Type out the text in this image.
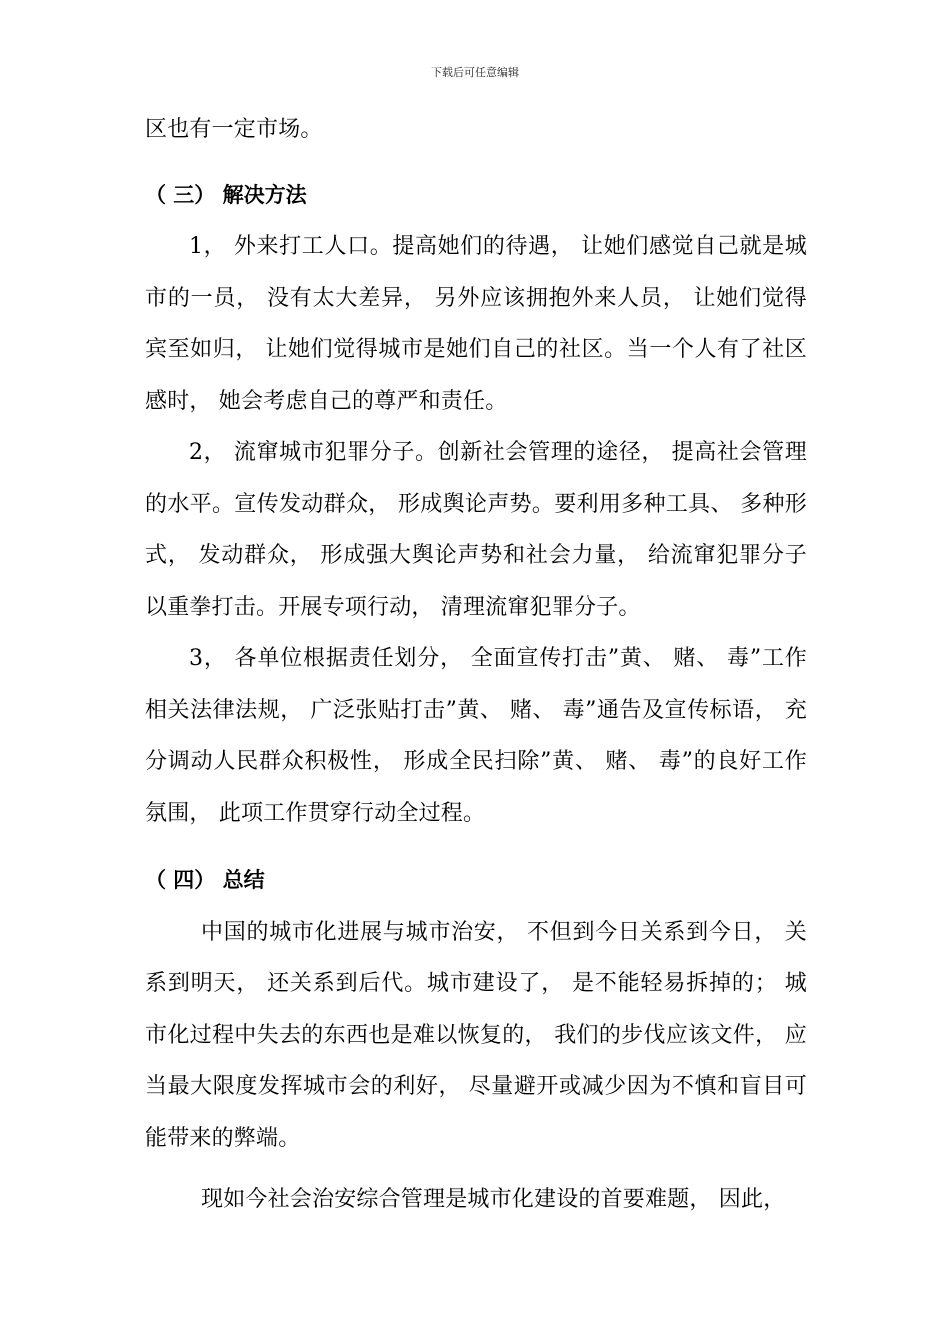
下载后可任意编辑

区也有一定市场。

（ 三） 解决方法

1， 外来打工人口。提高她们的待遇， 让她们感觉自己就是城市的一员， 没有太大差异， 另外应该拥抱外来人员， 让她们觉得宾至如归， 让她们觉得城市是她们自己的社区。当一个人有了社区感时， 她会考虑自己的尊严和责任。

2， 流窜城市犯罪分子。创新社会管理的途径， 提高社会管理的水平。宣传发动群众， 形成舆论声势。要利用多种工具、 多种形式， 发动群众， 形成强大舆论声势和社会力量， 给流窜犯罪分子以重拳打击。开展专项行动， 清理流窜犯罪分子。

3， 各单位根据责任划分， 全面宣传打击”黄、 赌、 毒”工作相关法律法规， 广泛张贴打击”黄、 赌、 毒”通告及宣传标语， 充分调动人民群众积极性， 形成全民扫除”黄、 赌、 毒”的良好工作氛围， 此项工作贯穿行动全过程。

（ 四） 总结

中国的城市化进展与城市治安， 不但到今日关系到今日， 关系到明天， 还关系到后代。城市建设了， 是不能轻易拆掉的； 城市化过程中失去的东西也是难以恢复的， 我们的步伐应该文件， 应当最大限度发挥城市会的利好， 尽量避开或减少因为不慎和盲目可能带来的弊端。

现如今社会治安综合管理是城市化建设的首要难题， 因此，
